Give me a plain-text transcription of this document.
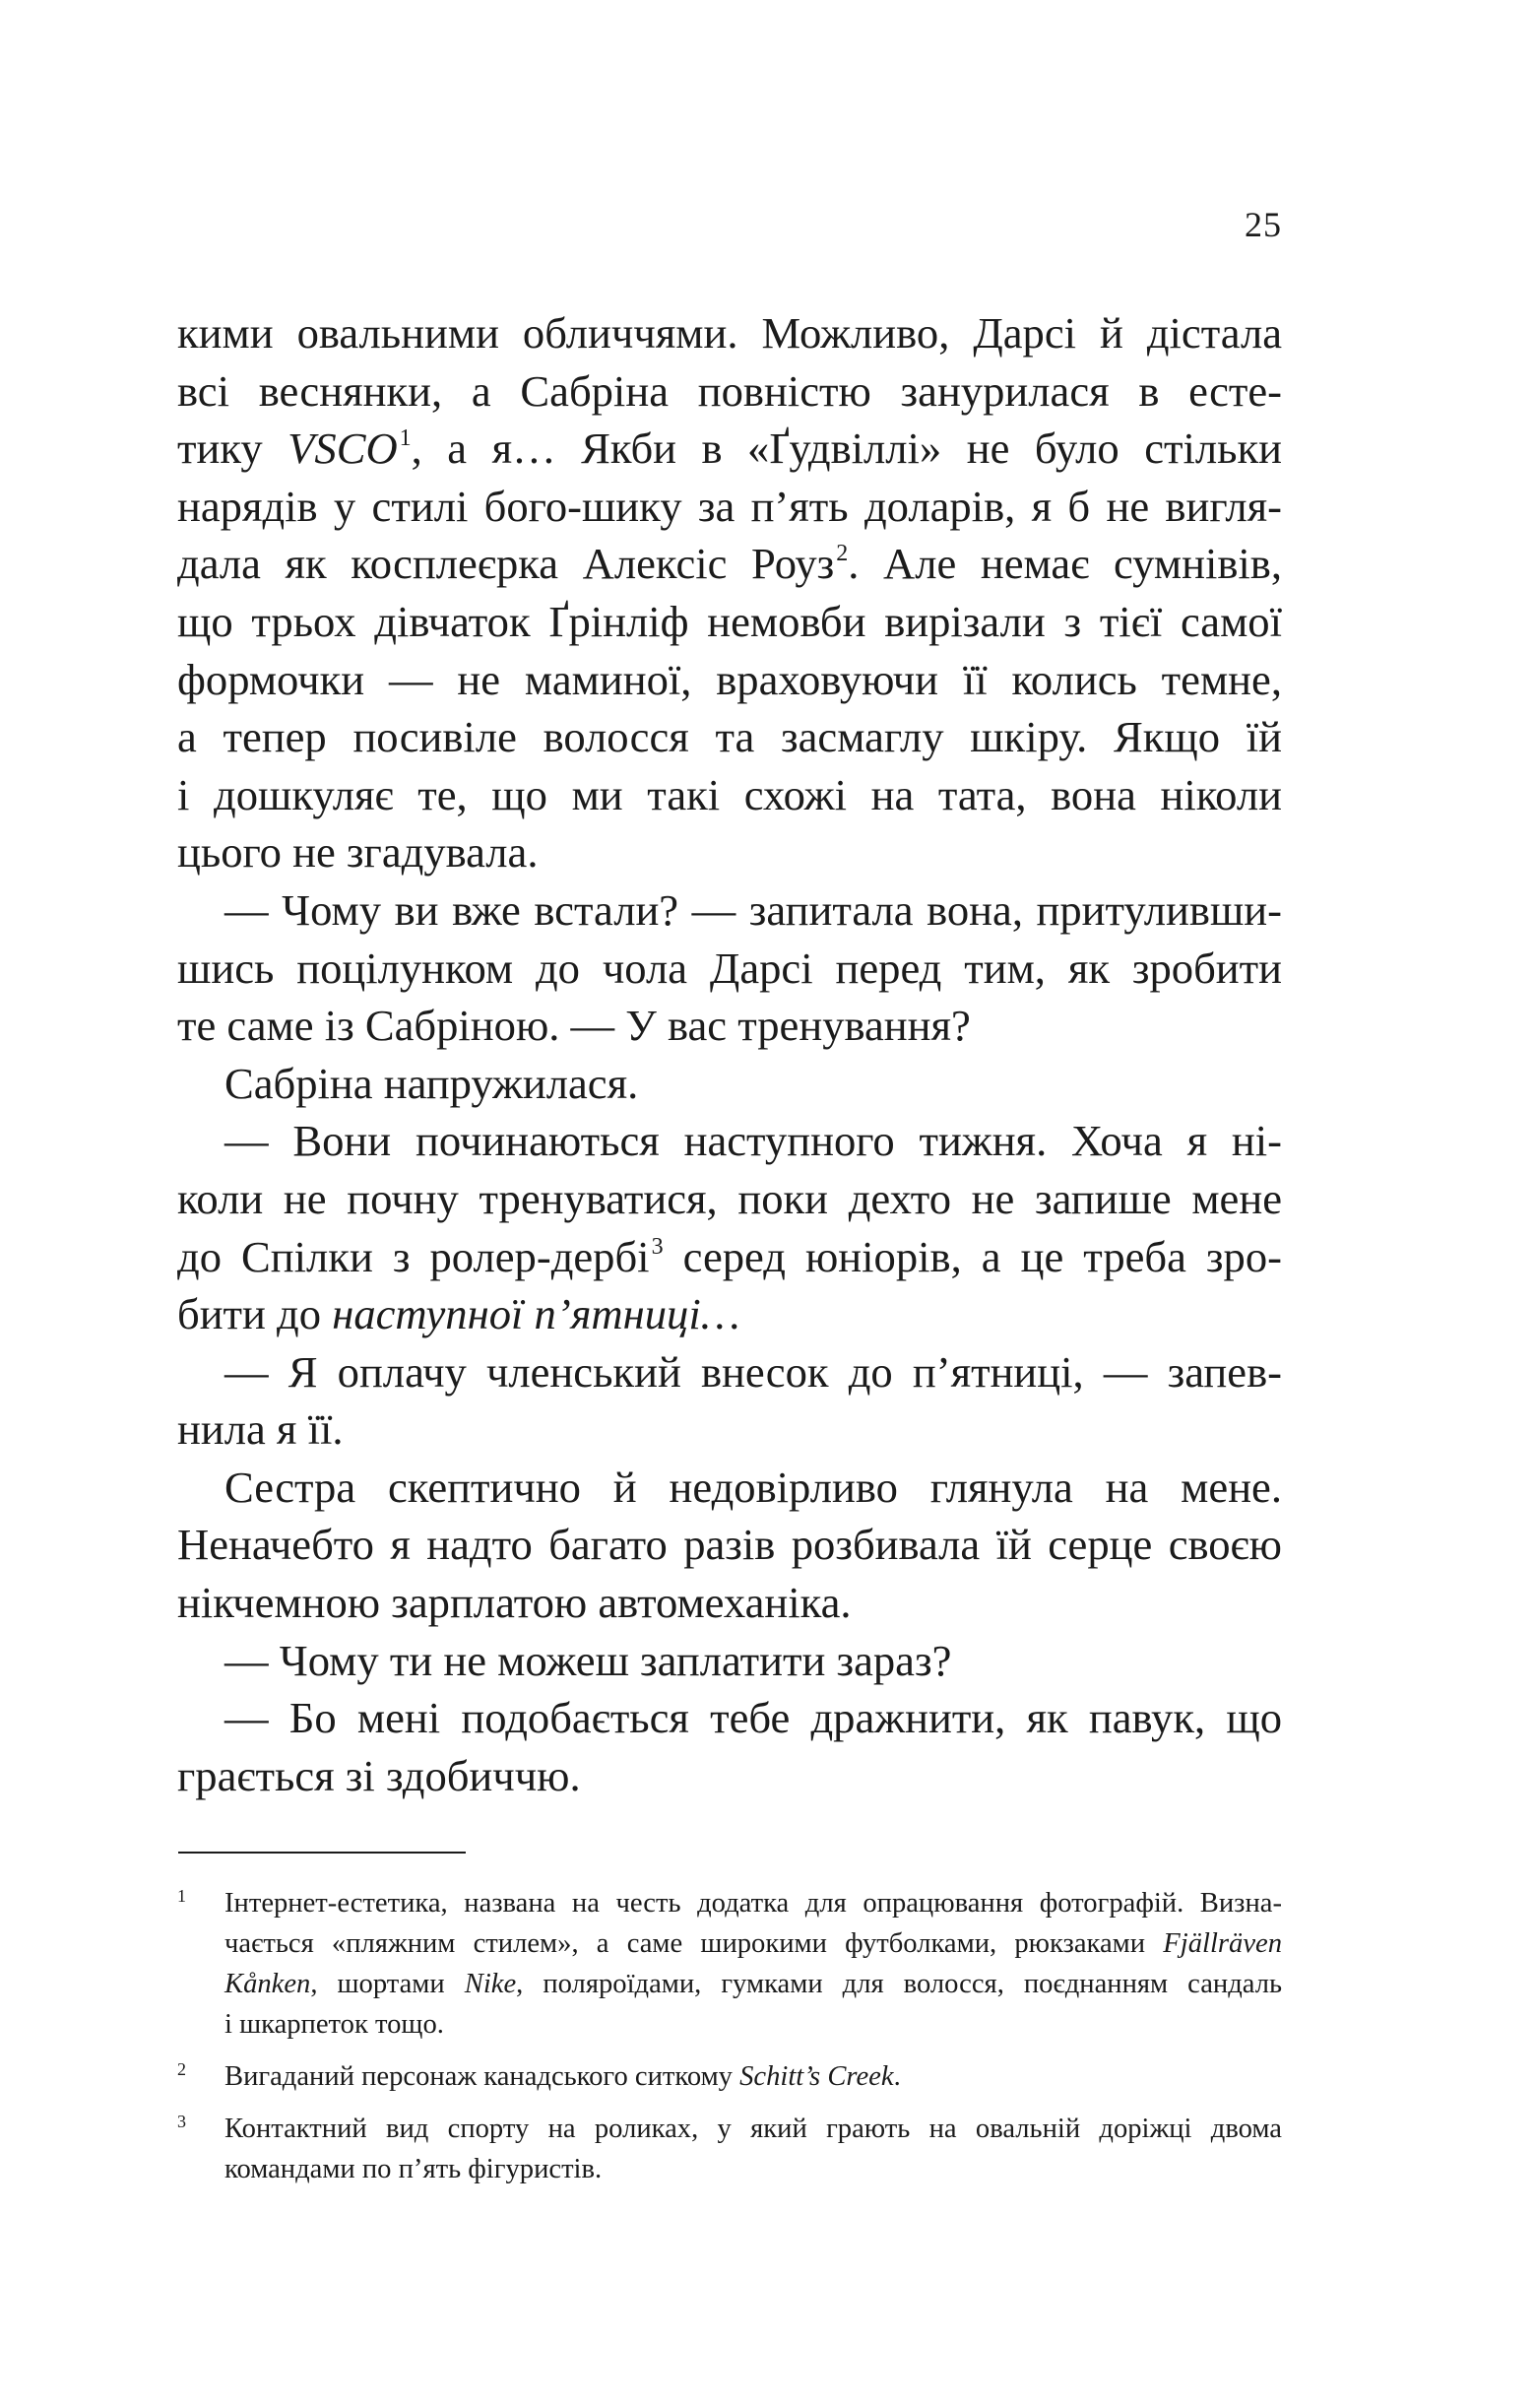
25
кими овальними обличчями. Можливо, Дарсі й дістала
всі веснянки, а Сабріна повністю занурилася в есте-
тику VSCO$^1$, а я… Якби в «Ґудвіллі» не було стільки
нарядів у стилі бого-шику за п’ять доларів, я б не вигля-
дала як косплеєрка Алексіс Роуз$^2$. Але немає сумнівів,
що трьох дівчаток Ґрінліф немовби вирізали з тієї самої
формочки — не маминої, враховуючи її колись темне,
а тепер посивіле волосся та засмаглу шкіру. Якщо їй
і дошкуляє те, що ми такі схожі на тата, вона ніколи
цього не згадувала.
— Чому ви вже встали? — запитала вона, притуливши-
шись поцілунком до чола Дарсі перед тим, як зробити
те саме із Сабріною. — У вас тренування?
Сабріна напружилася.
— Вони починаються наступного тижня. Хоча я ні-
коли не почну тренуватися, поки дехто не запише мене
до Спілки з ролер-дербі$^3$ серед юніорів, а це треба зро-
бити до наступної п’ятниці…
— Я оплачу членський внесок до п’ятниці, — запев-
нила я її.
Сестра скептично й недовірливо глянула на мене.
Неначебто я надто багато разів розбивала їй серце своєю
нікчемною зарплатою автомеханіка.
— Чому ти не можеш заплатити зараз?
— Бо мені подобається тебе дражнити, як павук, що
грається зі здобиччю.
1 Інтернет-естетика, названа на честь додатка для опрацювання фотографій. Визна-
чається «пляжним стилем», а саме широкими футболками, рюкзаками Fjällräven
Kånken, шортами Nike, поляроїдами, гумками для волосся, поєднанням сандаль
і шкарпеток тощо.
2 Вигаданий персонаж канадського ситкому Schitt’s Creek.
3 Контактний вид спорту на роликах, у який грають на овальній доріжці двома
командами по п’ять фігуристів.
